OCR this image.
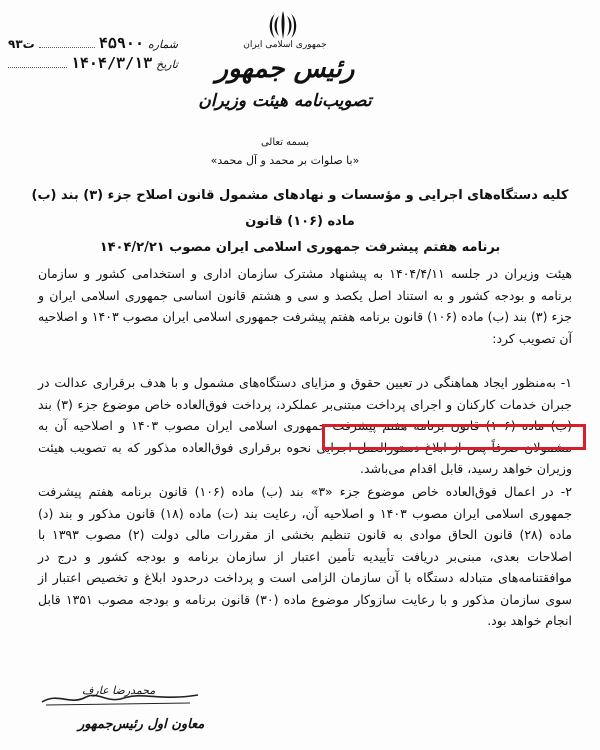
شماره
۴۵۹۰۰
ت۹۳
تاریخ
۱۴۰۴/۳/۱۳
جمهوری اسلامی ایران
رئیس جمهور
تصویب‌نامه هیئت وزیران
بسمه تعالی
«با صلوات بر محمد و آل محمد»
کلیه دستگاه‌های اجرایی و مؤسسات و نهادهای مشمول قانون اصلاح جزء (۳) بند (ب) ماده (۱۰۶) قانون
برنامه هفتم پیشرفت جمهوری اسلامی ایران مصوب ۱۴۰۴/۲/۲۱

هیئت وزیران در جلسه ۱۴۰۴/۴/۱۱ به پیشنهاد مشترک سازمان اداری و استخدامی کشور و سازمان برنامه و بودجه کشور و به استناد اصل یکصد و سی و هشتم قانون اساسی جمهوری اسلامی ایران و جزء (۳) بند (ب) ماده (۱۰۶) قانون برنامه هفتم پیشرفت جمهوری اسلامی ایران مصوب ۱۴۰۳ و اصلاحیه آن تصویب کرد:

۱- به‌منظور ایجاد هماهنگی در تعیین حقوق و مزایای دستگاه‌های مشمول و با هدف برقراری عدالت در جبران خدمات کارکنان و اجرای پرداخت مبتنی‌بر عملکرد، پرداخت فوق‌العاده خاص موضوع جزء (۳) بند (ب) ماده (۱۰۶) قانون برنامه هفتم پیشرفت جمهوری اسلامی ایران مصوب ۱۴۰۳ و اصلاحیه آن به مشمولان صرفاً پس از ابلاغ دستورالعمل اجرایی نحوه برقراری فوق‌العاده مذکور که به تصویب هیئت وزیران خواهد رسید، قابل اقدام می‌باشد.

۲- در اعمال فوق‌العاده خاص موضوع جزء «۳» بند (ب) ماده (۱۰۶) قانون برنامه هفتم پیشرفت جمهوری اسلامی ایران مصوب ۱۴۰۳ و اصلاحیه آن، رعایت بند (ت) ماده (۱۸) قانون مذکور و بند (د) ماده (۲۸) قانون الحاق موادی به قانون تنظیم بخشی از مقررات مالی دولت (۲) مصوب ۱۳۹۳ با اصلاحات بعدی، مبنی‌بر دریافت تأییدیه تأمین اعتبار از سازمان برنامه و بودجه کشور و درج در موافقتنامه‌های متبادله دستگاه با آن سازمان الزامی است و پرداخت درحدود ابلاغ و تخصیص اعتبار از سوی سازمان مذکور و با رعایت سازوکار موضوع ماده (۳۰) قانون برنامه و بودجه مصوب ۱۳۵۱ قابل انجام خواهد بود.

محمدرضا عارف
معاون اول رئیس‌جمهور
